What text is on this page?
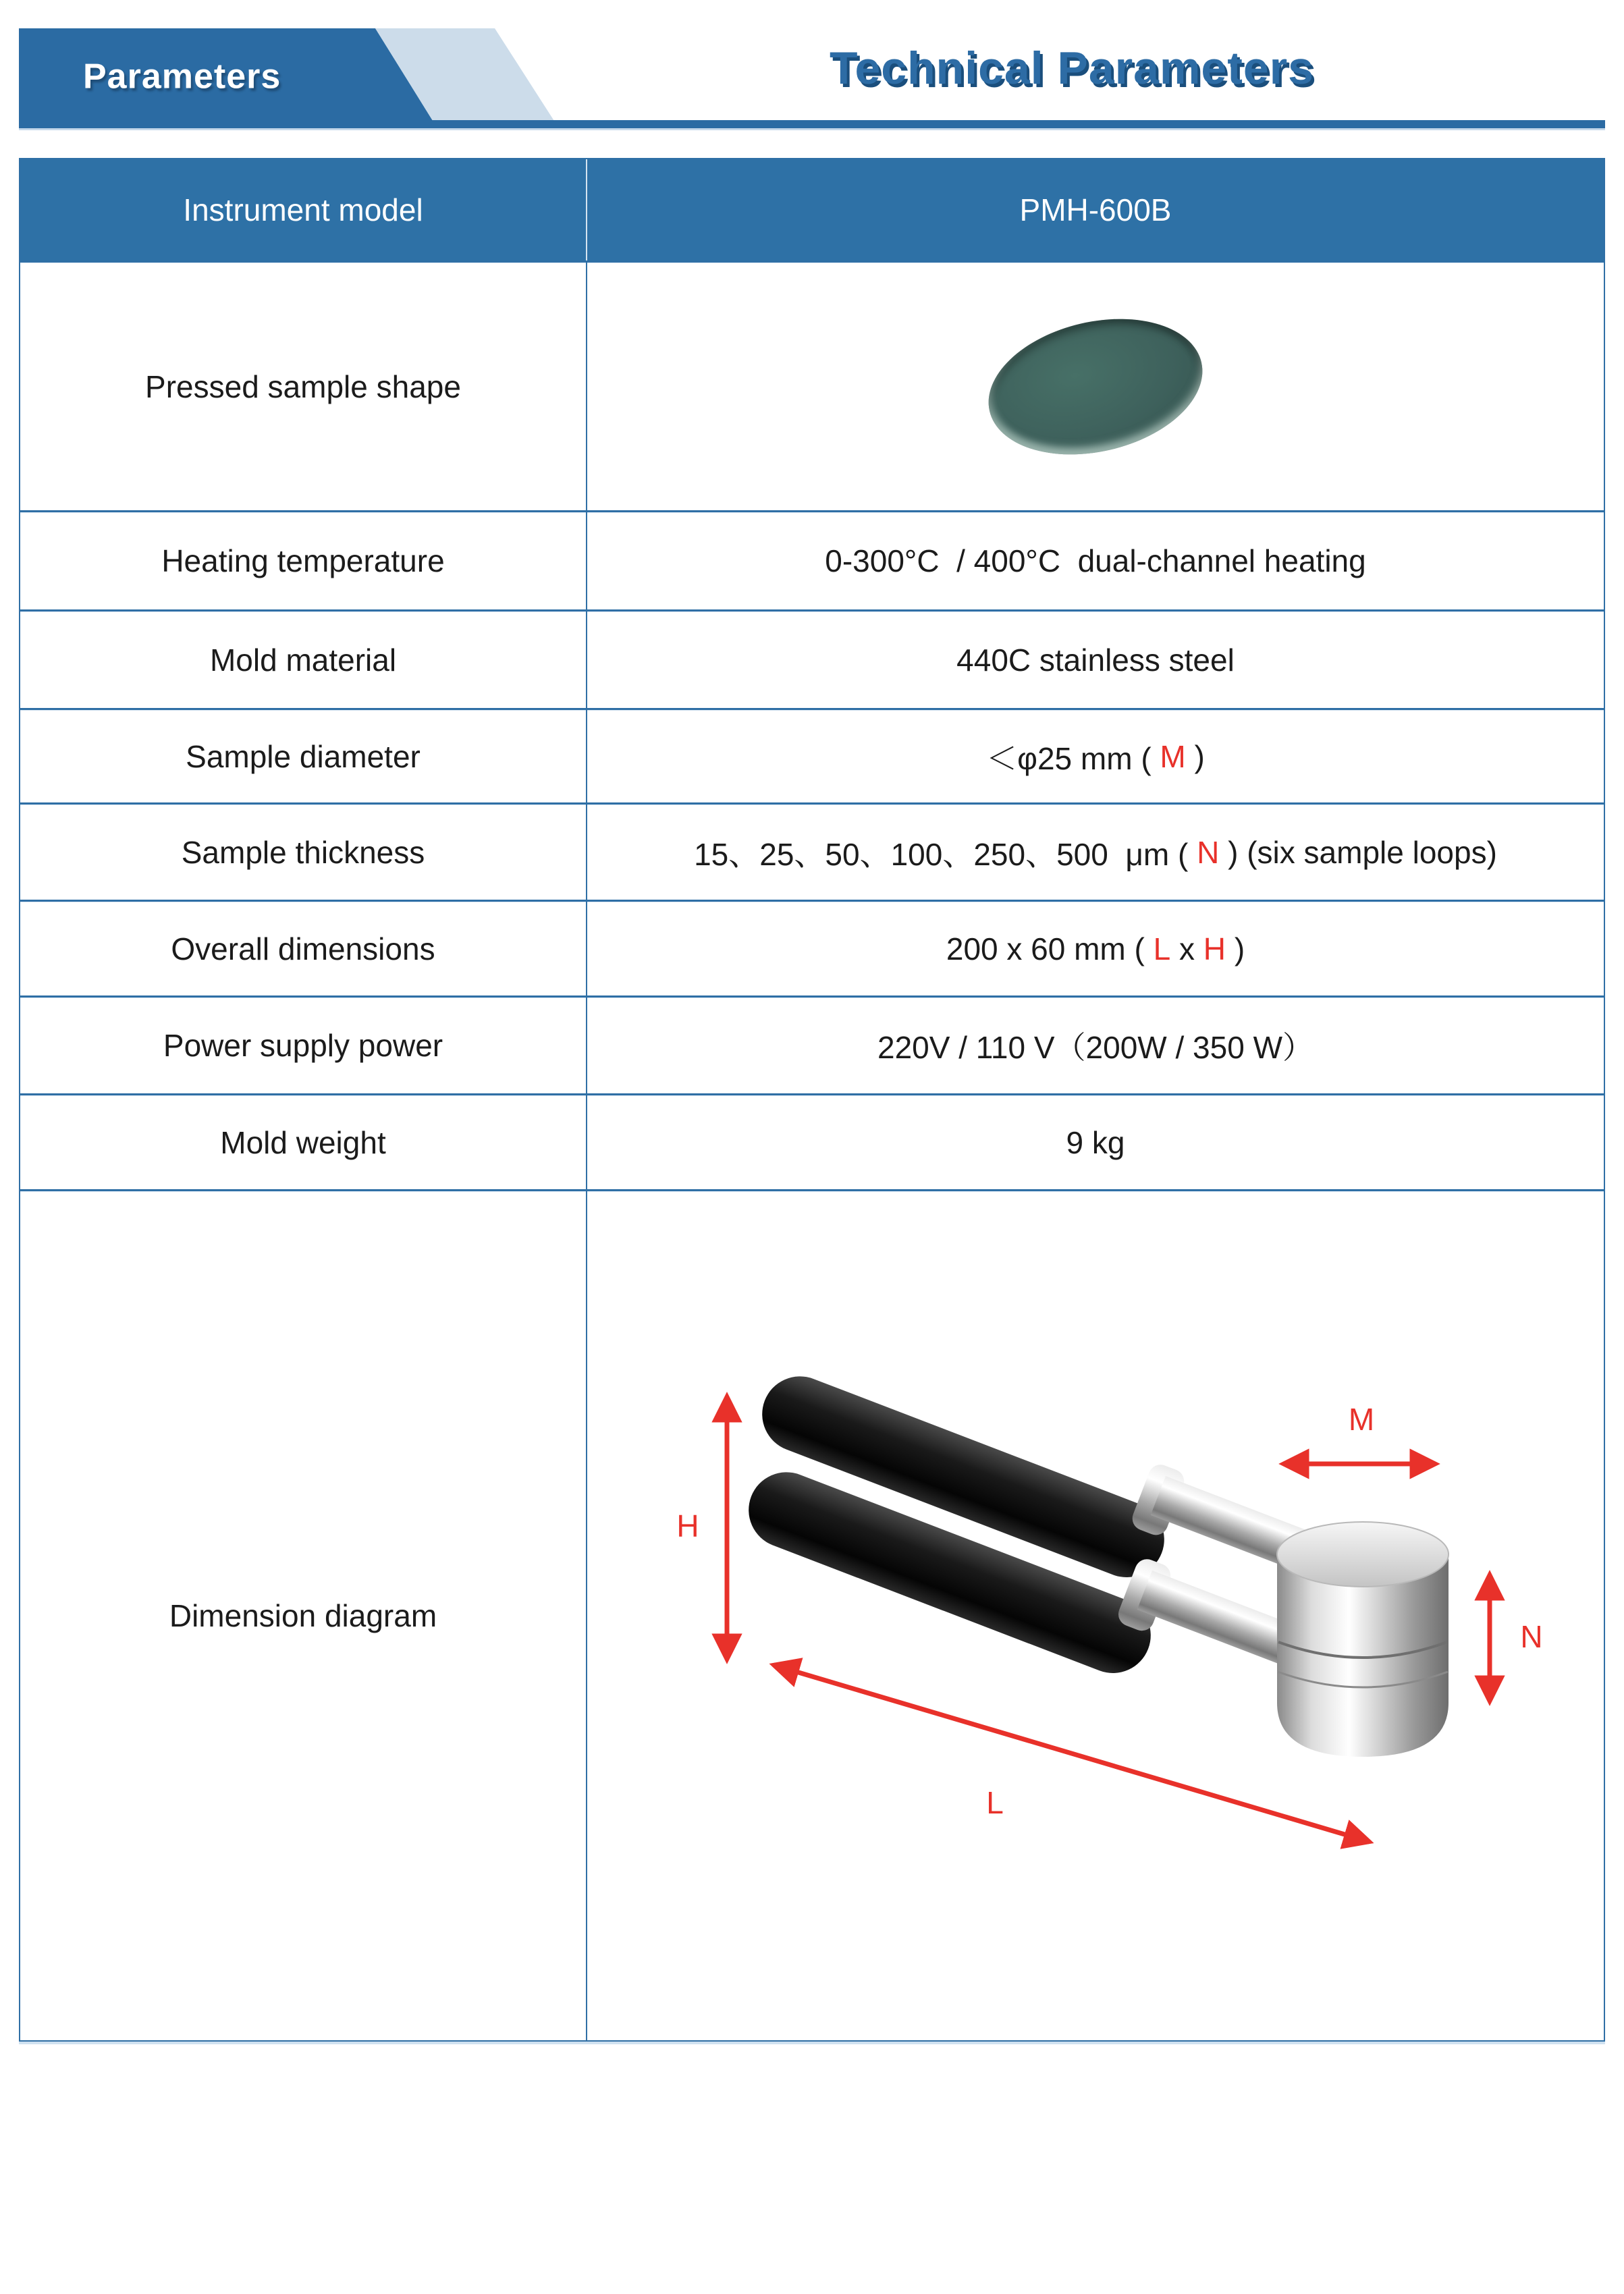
Parameters	Technical Parameters
Instrument model	PMH-600B
Pressed sample shape
Heating temperature	0-300°C  / 400°C  dual-channel heating
Mold material	440C stainless steel
Sample diameter	＜φ25 mm ( M )
Sample thickness	15、25、50、100、250、500  μm ( N ) (six sample loops)
Overall dimensions	200 x 60 mm ( L x H )
Power supply power	220V / 110 V（200W / 350 W）
Mold weight	9 kg
Dimension diagram
H
M
N
L
